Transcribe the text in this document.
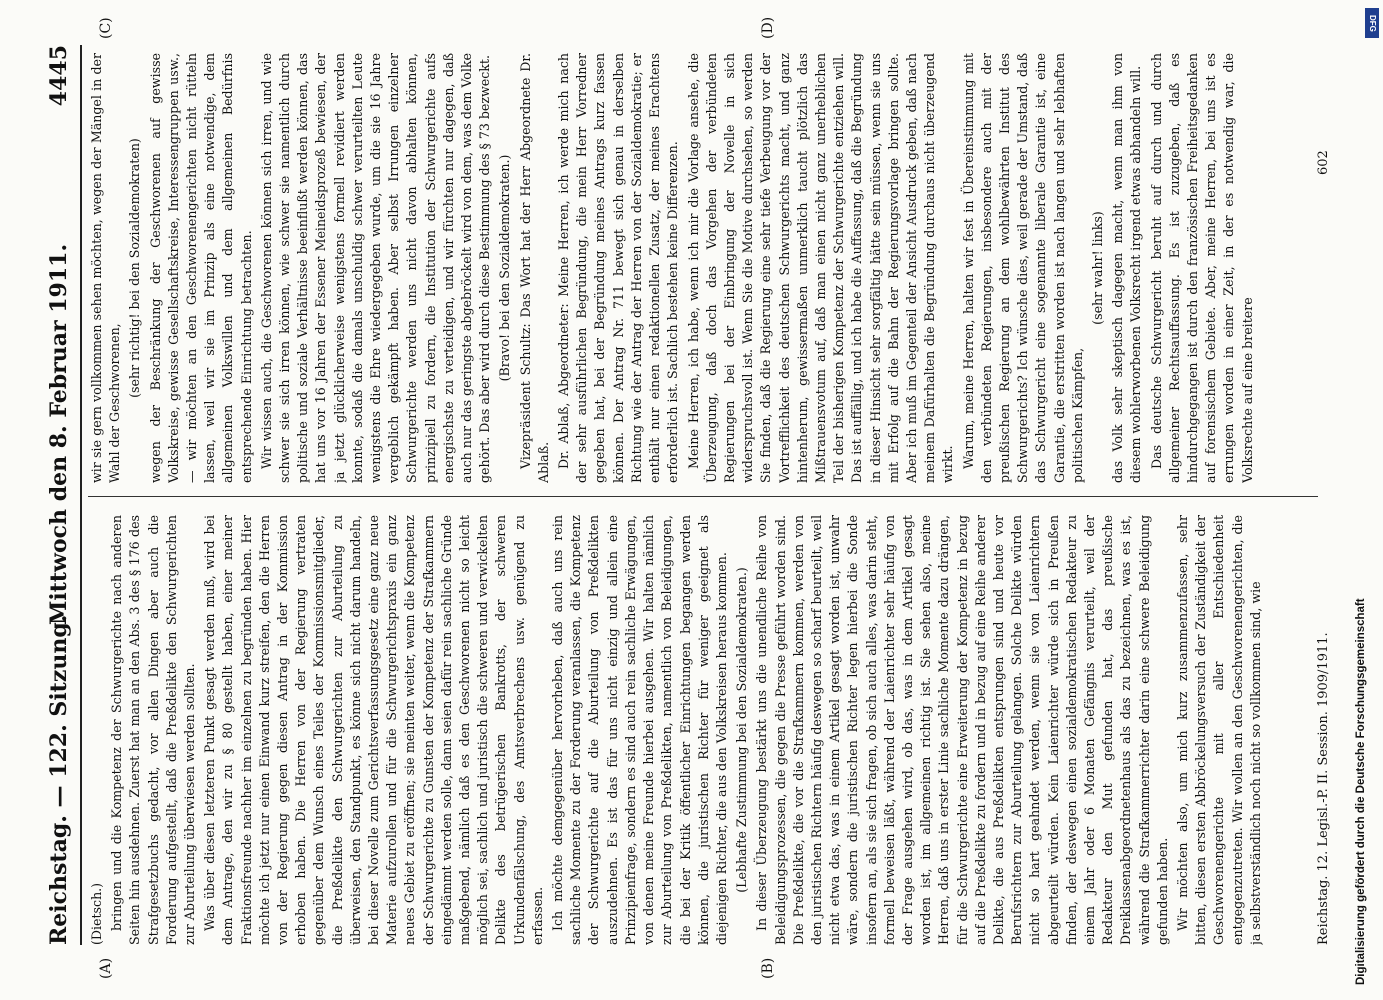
Reichstag. — 122. Sitzung.
Mittwoch den 8. Februar 1911.
4445
(A)	(B)
(C)	(D)

(Dietsch.) bringen und die Kompetenz der Schwurgerichte nach anderen Seiten hin ausdehnen. Zuerst hat man an den Abs. 3 des § 176 des Strafgesetzbuchs gedacht, vor allen Dingen aber auch die Forderung aufgestellt, daß die Preßdelikte den Schwurgerichten zur Aburteilung überwiesen werden sollten. Was über diesen letzteren Punkt gesagt werden muß, wird bei dem Antrage, den wir zu § 80 gestellt haben, einer meiner Fraktionsfreunde nachher im einzelnen zu begründen haben. Hier möchte ich jetzt nur einen Einwand kurz streifen, den die Herren von der Regierung gegen diesen Antrag in der Kommission erhoben haben. Die Herren von der Regierung vertraten gegenüber dem Wunsch eines Teiles der Kommissionsmitglieder, die Preßdelikte den Schwurgerichten zur Aburteilung zu überweisen, den Standpunkt, es könne sich nicht darum handeln, bei dieser Novelle zum Gerichtsverfassungsgesetz eine ganz neue Materie aufzurollen und für die Schwurgerichtspraxis ein ganz neues Gebiet zu eröffnen; sie meinten weiter, wenn die Kompetenz der Schwurgerichte zu Gunsten der Kompetenz der Strafkammern eingedämmt werden solle, dann seien dafür rein sachliche Gründe maßgebend, nämlich daß es den Geschworenen nicht so leicht möglich sei, sachlich und juristisch die schweren und verwickelten Delikte des betrügerischen Bankrotts, der schweren Urkundenfälschung, des Amtsverbrechens usw. genügend zu erfassen. Ich möchte demgegenüber hervorheben, daß auch uns rein sachliche Momente zu der Forderung veranlassen, die Kompetenz der Schwurgerichte auf die Aburteilung von Preßdelikten auszudehnen. Es ist das für uns nicht einzig und allein eine Prinzipienfrage, sondern es sind auch rein sachliche Erwägungen, von denen meine Freunde hierbei ausgehen. Wir halten nämlich zur Aburteilung von Preßdelikten, namentlich von Beleidigungen, die bei der Kritik öffentlicher Einrichtungen begangen werden können, die juristischen Richter für weniger geeignet als diejenigen Richter, die aus den Volkskreisen heraus kommen. (Lebhafte Zustimmung bei den Sozialdemokraten.) In dieser Überzeugung bestärkt uns die unendliche Reihe von Beleidigungsprozessen, die gegen die Presse geführt worden sind. Die Preßdelikte, die vor die Strafkammern kommen, werden von den juristischen Richtern häufig deswegen so scharf beurteilt, weil nicht etwa das, was in einem Artikel gesagt worden ist, unwahr wäre, sondern die juristischen Richter legen hierbei die Sonde insofern an, als sie sich fragen, ob sich auch alles, was darin steht, formell beweisen läßt, während der Laienrichter sehr häufig von der Frage ausgehen wird, ob das, was in dem Artikel gesagt worden ist, im allgemeinen richtig ist. Sie sehen also, meine Herren, daß uns in erster Linie sachliche Momente dazu drängen, für die Schwurgerichte eine Erweiterung der Kompetenz in bezug auf die Preßdelikte zu fordern und in bezug auf eine Reihe anderer Delikte, die aus Preßdelikten entsprungen sind und heute vor Berufsrichtern zur Aburteilung gelangen. Solche Delikte würden nicht so hart geahndet werden, wenn sie von Laienrichtern abgeurteilt würden. Kein Laienrichter würde sich in Preußen finden, der deswegen einen sozialdemokratischen Redakteur zu einem Jahr oder 6 Monaten Gefängnis verurteilt, weil der Redakteur den Mut gefunden hat, das preußische Dreiklassenabgeordnetenhaus als das zu bezeichnen, was es ist, während die Strafkammerrichter darin eine schwere Beleidigung gefunden haben. Wir möchten also, um mich kurz zusammenzufassen, sehr bitten, diesen ersten Abbröckelungsversuch der Zuständigkeit der Geschworenengerichte mit aller Entschiedenheit entgegenzutreten. Wir wollen an den Geschworenengerichten, die ja selbstverständlich noch nicht so vollkommen sind, wie

wir sie gern vollkommen sehen möchten, wegen der Mängel in der Wahl der Geschworenen,

(sehr richtig! bei den Sozialdemokraten) wegen der Beschränkung der Geschworenen auf gewisse Volkskreise, gewisse Gesellschaftskreise, Interessengruppen usw., — wir möchten an den Geschworenengerichten nicht rütteln lassen, weil wir sie im Prinzip als eine notwendige, dem allgemeinen Volkswillen und dem allgemeinen Bedürfnis entsprechende Einrichtung betrachten. Wir wissen auch, die Geschworenen können sich irren, und wie schwer sie sich irren können, wie schwer sie namentlich durch politische und soziale Verhältnisse beeinflußt werden können, das hat uns vor 16 Jahren der Essener Meineidsprozeß bewiesen, der ja jetzt glücklicherweise wenigstens formell revidiert werden konnte, sodaß die damals unschuldig schwer verurteilten Leute wenigstens die Ehre wiedergegeben wurde, um die sie 16 Jahre vergeblich gekämpft haben. Aber selbst Irrungen einzelner Schwurgerichte werden uns nicht davon abhalten können, prinzipiell zu fordern, die Institution der Schwurgerichte aufs energischste zu verteidigen, und wir fürchten nur dagegen, daß auch nur das geringste abgebröckelt wird von dem, was dem Volke gehört. Das aber wird durch diese Bestimmung des § 73 bezweckt. (Bravo! bei den Sozialdemokraten.) Vizepräsident Schultz: Das Wort hat der Herr Abgeordnete Dr. Ablaß. Dr. Ablaß, Abgeordneter: Meine Herren, ich werde mich nach der sehr ausführlichen Begründung, die mein Herr Vorredner gegeben hat, bei der Begründung meines Antrags kurz fassen können. Der Antrag Nr. 711 bewegt sich genau in derselben Richtung wie der Antrag der Herren von der Sozialdemokratie; er enthält nur einen redaktionellen Zusatz, der meines Erachtens erforderlich ist. Sachlich bestehen keine Differenzen. Meine Herren, ich habe, wenn ich mir die Vorlage ansehe, die Überzeugung, daß doch das Vorgehen der verbündeten Regierungen bei der Einbringung der Novelle in sich widerspruchsvoll ist. Wenn Sie die Motive durchsehen, so werden Sie finden, daß die Regierung eine sehr tiefe Verbeugung vor der Vortrefflichkeit des deutschen Schwurgerichts macht, und ganz hintenherum, gewissermaßen unmerklich taucht plötzlich das Mißtrauensvotum auf, daß man einen nicht ganz unerheblichen Teil der bisherigen Kompetenz der Schwurgerichte entziehen will. Das ist auffällig, und ich habe die Auffassung, daß die Begründung in dieser Hinsicht sehr sorgfältig hätte sein müssen, wenn sie uns mit Erfolg auf die Bahn der Regierungsvorlage bringen sollte. Aber ich muß im Gegenteil der Ansicht Ausdruck geben, daß nach meinem Dafürhalten die Begründung durchaus nicht überzeugend wirkt. Warum, meine Herren, halten wir fest in Übereinstimmung mit den verbündeten Regierungen, insbesondere auch mit der preußischen Regierung an dem wohlbewährten Institut des Schwurgerichts? Ich wünsche dies, weil gerade der Umstand, daß das Schwurgericht eine sogenannte liberale Garantie ist, eine Garantie, die erstritten worden ist nach langen und sehr lebhaften politischen Kämpfen,

(sehr wahr! links) das Volk sehr skeptisch dagegen macht, wenn man ihm von diesem wohlerworbenen Volksrecht irgend etwas abhandeln will. Das deutsche Schwurgericht beruht auf durch und durch allgemeiner Rechtsauffassung. Es ist zuzugeben, daß es hindurchgegangen ist durch den französischen Freiheitsgedanken auf forensischem Gebiete. Aber, meine Herren, bei uns ist es errungen worden in einer Zeit, in der es notwendig war, die Volksrechte auf eine breitere

Reichstag. 12. Legisl.-P. II. Session. 1909/1911.
602
Digitalisierung gefördert durch die Deutsche Forschungsgemeinschaft
DFG
